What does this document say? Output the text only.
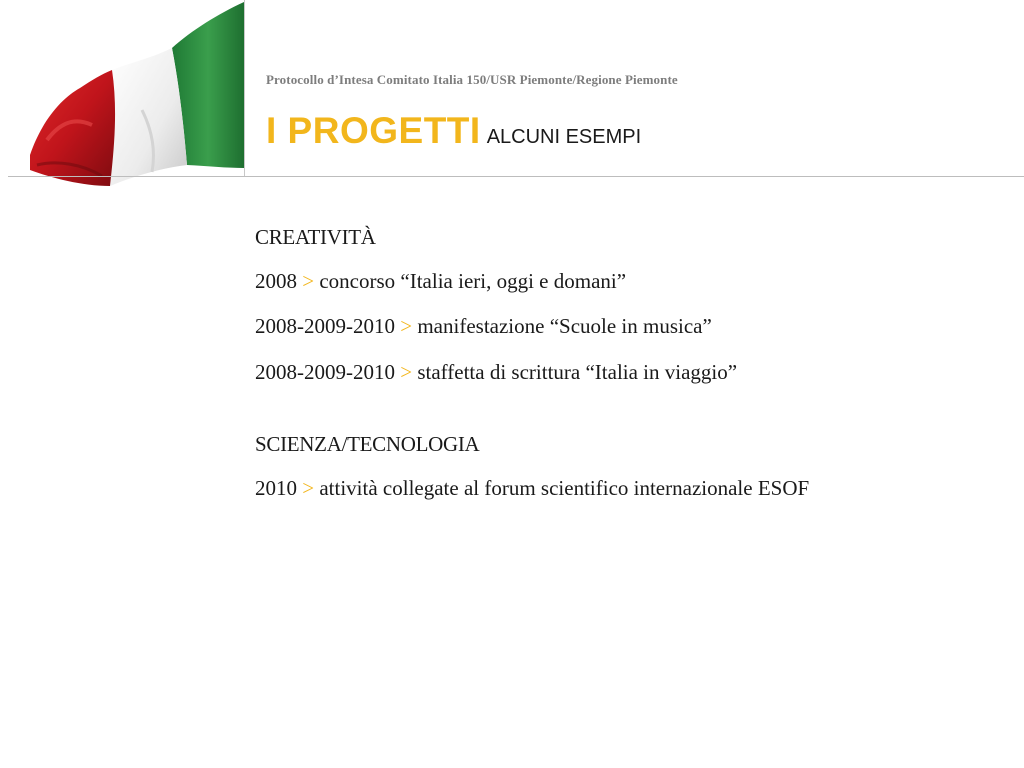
Protocollo d’Intesa Comitato Italia 150/USR Piemonte/Regione Piemonte
I PROGETTI ALCUNI ESEMPI
CREATIVITÀ
2008 > concorso “Italia ieri, oggi e domani”
2008-2009-2010 > manifestazione “Scuole in musica”
2008-2009-2010 > staffetta di scrittura “Italia in viaggio”
SCIENZA/TECNOLOGIA
2010 > attività collegate al forum scientifico internazionale ESOF
